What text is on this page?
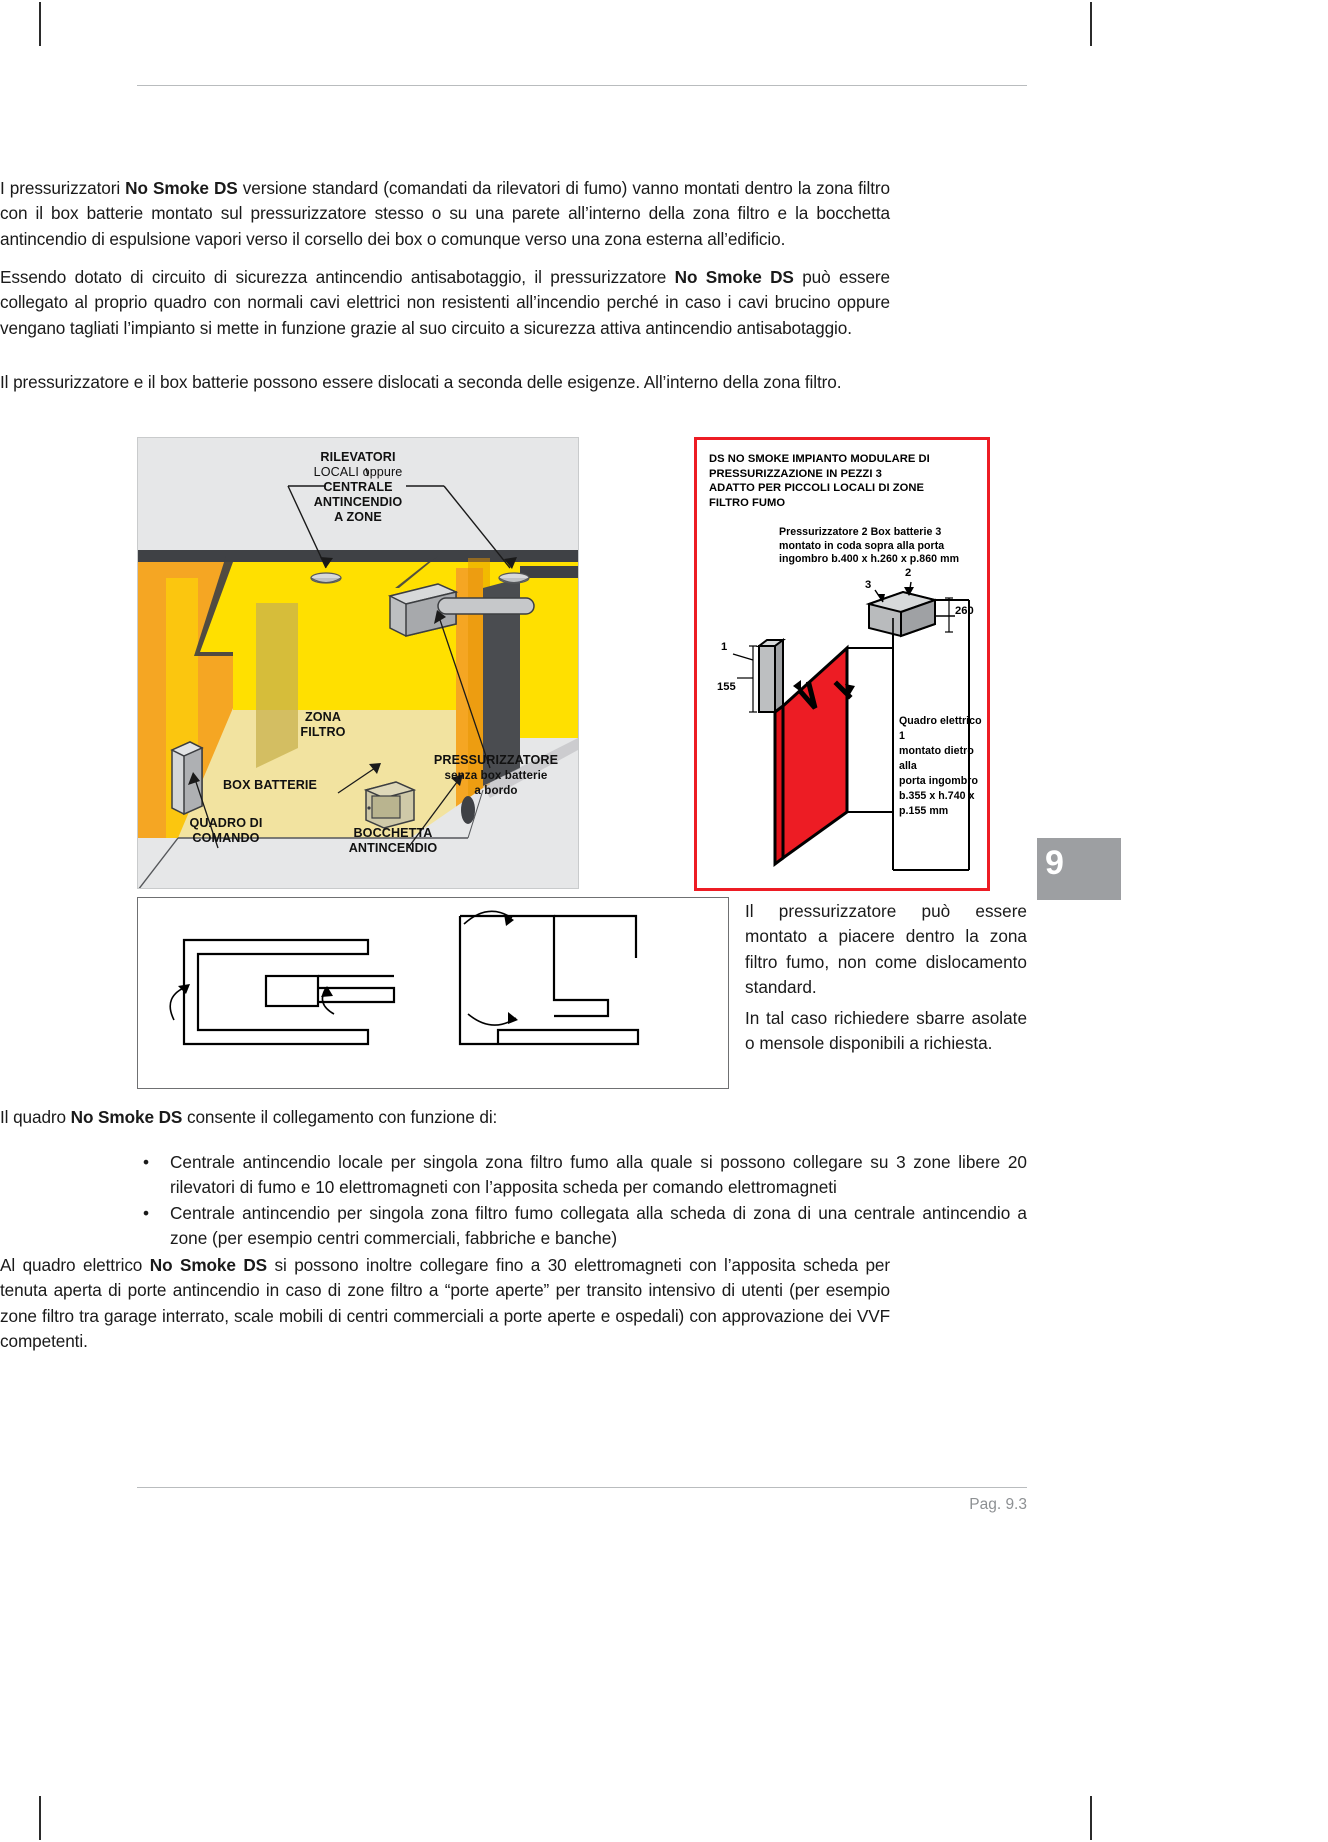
I pressurizzatori No Smoke DS versione standard (comandati da rilevatori di fumo) vanno montati dentro la zona filtro con il box batterie montato sul pressurizzatore stesso o su una parete all’interno della zona filtro e la bocchetta antincendio di espulsione vapori verso il corsello dei box o comunque verso una zona esterna all’edificio.

Essendo dotato di circuito di sicurezza antincendio antisabotaggio, il pressurizzatore No Smoke DS può essere collegato al proprio quadro con normali cavi elettrici non resistenti all’incendio perché in caso i cavi brucino oppure vengano tagliati l’impianto si mette in funzione grazie al suo circuito a sicurezza attiva antincendio antisabotaggio.

Il pressurizzatore e il box batterie possono essere dislocati a seconda delle esigenze. All’interno della zona filtro.

RILEVATORI
LOCALI oppure
CENTRALE
ANTINCENDIO
A ZONE
ZONA
FILTRO
BOX BATTERIE
QUADRO DI
COMANDO	BOCCHETTA
ANTINCENDIO
PRESSURIZZATORE
senza box batterie
a bordo
DS NO SMOKE IMPIANTO MODULARE DI
PRESSURIZZAZIONE IN PEZZI 3
ADATTO PER PICCOLI LOCALI DI ZONE
FILTRO FUMO
Pressurizzatore 2 Box batterie 3
montato in coda sopra alla porta
ingombro b.400 x h.260 x p.860 mm
Quadro elettrico 1
montato dietro alla
porta ingombro
b.355 x h.740 x p.155 mm
3
2
1
260
155
9

Il pressurizzatore può essere montato a piacere dentro la zona filtro fumo, non come dislocamento standard.

In tal caso richiedere sbarre asolate o mensole disponibili a richiesta.

Il quadro No Smoke DS consente il collegamento con funzione di:

• Centrale antincendio locale per singola zona filtro fumo alla quale si possono collegare su 3 zone libere 20 rilevatori di fumo e 10 elettromagneti con l’apposita scheda per comando elettromagneti
• Centrale antincendio per singola zona filtro fumo collegata alla scheda di zona di una centrale antincendio a zone (per esempio centri commerciali, fabbriche e banche)

Al quadro elettrico No Smoke DS si possono inoltre collegare fino a 30 elettromagneti con l’apposita scheda per tenuta aperta di porte antincendio in caso di zone filtro a “porte aperte” per transito intensivo di utenti (per esempio zone filtro tra garage interrato, scale mobili di centri commerciali a porte aperte e ospedali) con approvazione dei VVF competenti.

Pag. 9.3
